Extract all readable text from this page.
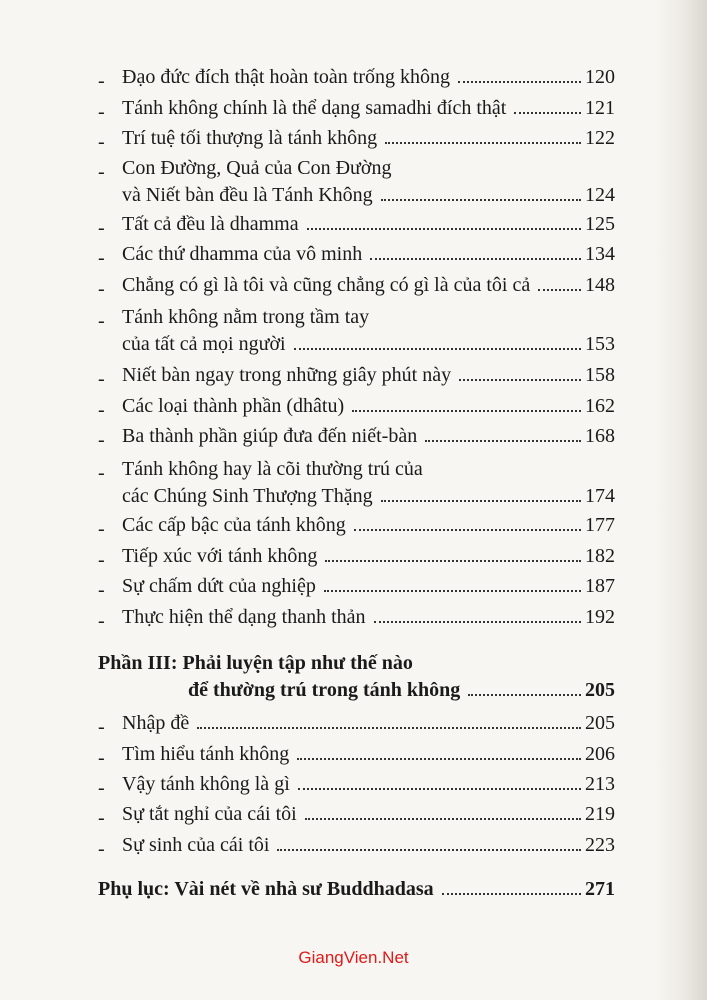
- Đạo đức đích thật hoàn toàn trống không	120
- Tánh không chính là thể dạng samadhi đích thật	121
- Trí tuệ tối thượng là tánh không	122
- Con Đường, Quả của Con Đường
và Niết bàn đều là Tánh Không	124
- Tất cả đều là dhamma	125
- Các thứ dhamma của vô minh	134
- Chẳng có gì là tôi và cũng chẳng có gì là của tôi cả	148
- Tánh không nằm trong tầm tay
của tất cả mọi người	153
- Niết bàn ngay trong những giây phút này	158
- Các loại thành phần (dhâtu)	162
- Ba thành phần giúp đưa đến niết-bàn	168
- Tánh không hay là cõi thường trú của
các Chúng Sinh Thượng Thặng	174
- Các cấp bậc của tánh không	177
- Tiếp xúc với tánh không	182
- Sự chấm dứt của nghiệp	187
- Thực hiện thể dạng thanh thản	192
Phần III: Phải luyện tập như thế nào
để thường trú trong tánh không	205
- Nhập đề	205
- Tìm hiểu tánh không	206
- Vậy tánh không là gì	213
- Sự tắt nghỉ của cái tôi	219
- Sự sinh của cái tôi	223
Phụ lục: Vài nét về nhà sư Buddhadasa	271
GiangVien.Net
